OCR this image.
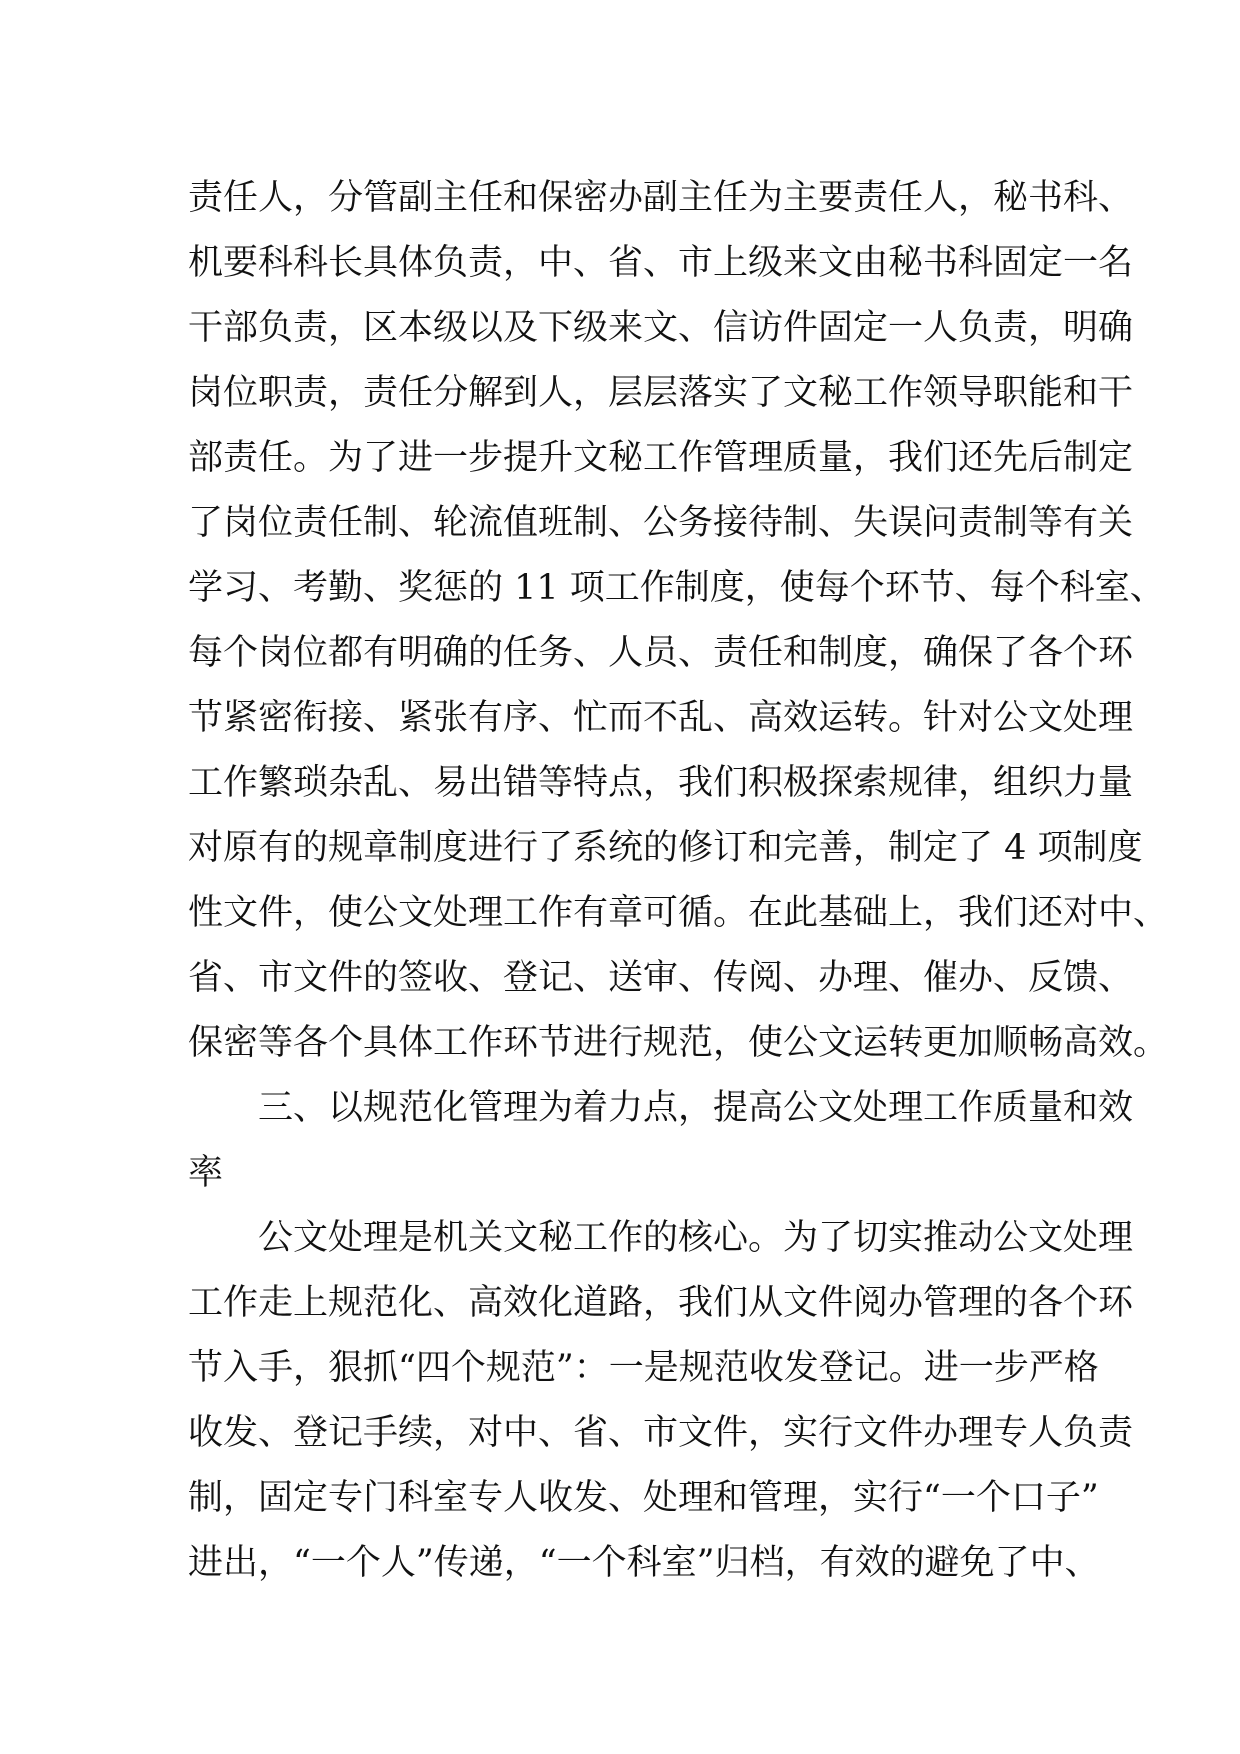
责任人，分管副主任和保密办副主任为主要责任人，秘书科、
机要科科长具体负责，中、省、市上级来文由秘书科固定一名
干部负责，区本级以及下级来文、信访件固定一人负责，明确
岗位职责，责任分解到人，层层落实了文秘工作领导职能和干
部责任。为了进一步提升文秘工作管理质量，我们还先后制定
了岗位责任制、轮流值班制、公务接待制、失误问责制等有关
学习、考勤、奖惩的 11 项工作制度，使每个环节、每个科室、
每个岗位都有明确的任务、人员、责任和制度，确保了各个环
节紧密衔接、紧张有序、忙而不乱、高效运转。针对公文处理
工作繁琐杂乱、易出错等特点，我们积极探索规律，组织力量
对原有的规章制度进行了系统的修订和完善，制定了 4 项制度
性文件，使公文处理工作有章可循。在此基础上，我们还对中、
省、市文件的签收、登记、送审、传阅、办理、催办、反馈、
保密等各个具体工作环节进行规范，使公文运转更加顺畅高效。
三、以规范化管理为着力点，提高公文处理工作质量和效
率
公文处理是机关文秘工作的核心。为了切实推动公文处理
工作走上规范化、高效化道路，我们从文件阅办管理的各个环
节入手，狠抓“四个规范”：一是规范收发登记。进一步严格
收发、登记手续，对中、省、市文件，实行文件办理专人负责
制，固定专门科室专人收发、处理和管理，实行“一个口子”
进出，“一个人”传递，“一个科室”归档，有效的避免了中、
